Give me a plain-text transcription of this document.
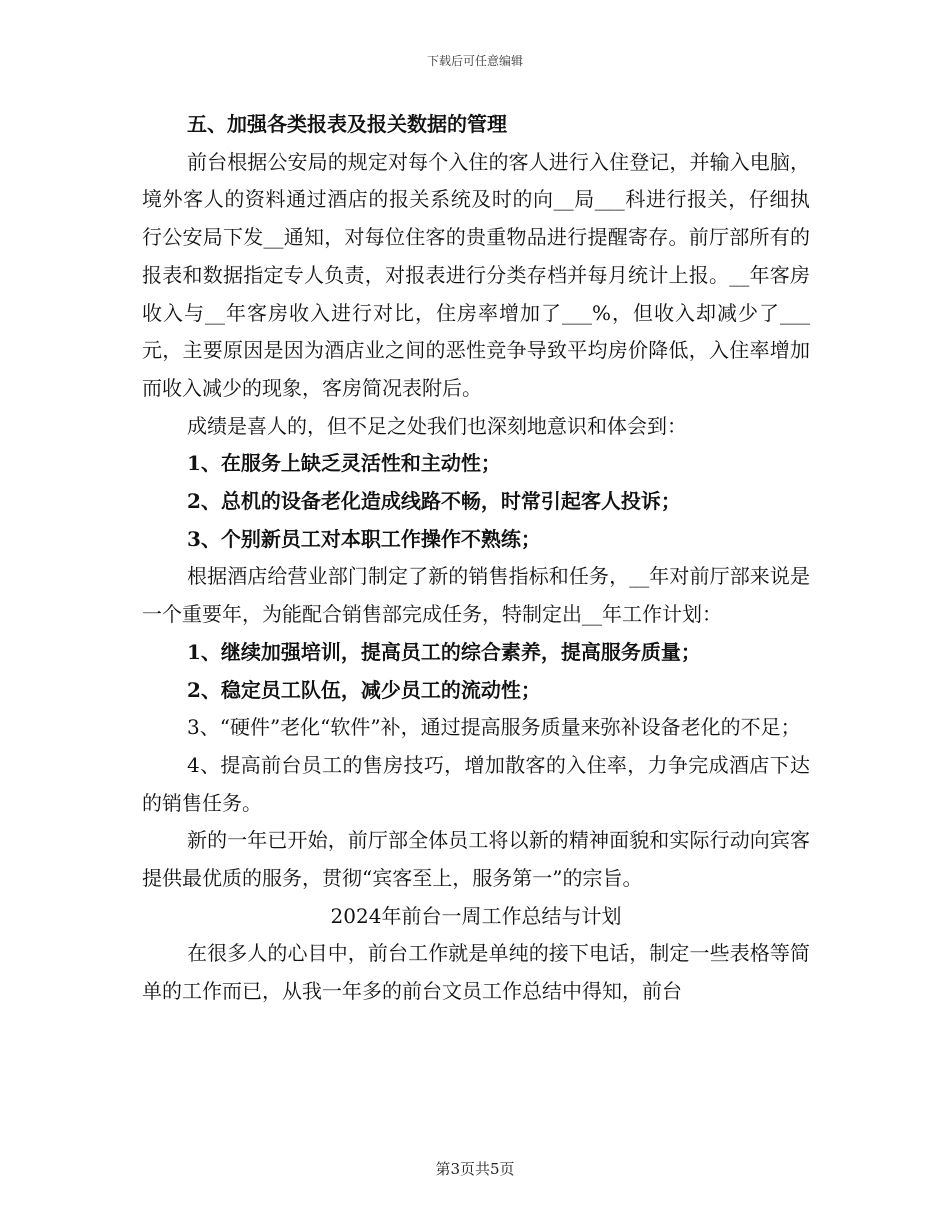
下载后可任意编辑

五、加强各类报表及报关数据的管理

前台根据公安局的规定对每个入住的客人进行入住登记，并输入电脑，境外客人的资料通过酒店的报关系统及时的向__局___科进行报关，仔细执行公安局下发__通知，对每位住客的贵重物品进行提醒寄存。前厅部所有的报表和数据指定专人负责，对报表进行分类存档并每月统计上报。__年客房收入与__年客房收入进行对比，住房率增加了___%，但收入却减少了___元，主要原因是因为酒店业之间的恶性竞争导致平均房价降低，入住率增加而收入减少的现象，客房简况表附后。

成绩是喜人的，但不足之处我们也深刻地意识和体会到：

1、在服务上缺乏灵活性和主动性；

2、总机的设备老化造成线路不畅，时常引起客人投诉；

3、个别新员工对本职工作操作不熟练；

根据酒店给营业部门制定了新的销售指标和任务，__年对前厅部来说是一个重要年，为能配合销售部完成任务，特制定出__年工作计划：

1、继续加强培训，提高员工的综合素养，提高服务质量；

2、稳定员工队伍，减少员工的流动性；

3、“硬件”老化“软件”补，通过提高服务质量来弥补设备老化的不足；

4、提高前台员工的售房技巧，增加散客的入住率，力争完成酒店下达的销售任务。

新的一年已开始，前厅部全体员工将以新的精神面貌和实际行动向宾客提供最优质的服务，贯彻“宾客至上，服务第一”的宗旨。

2024年前台一周工作总结与计划

在很多人的心目中，前台工作就是单纯的接下电话，制定一些表格等简单的工作而已，从我一年多的前台文员工作总结中得知，前台

第3页共5页
